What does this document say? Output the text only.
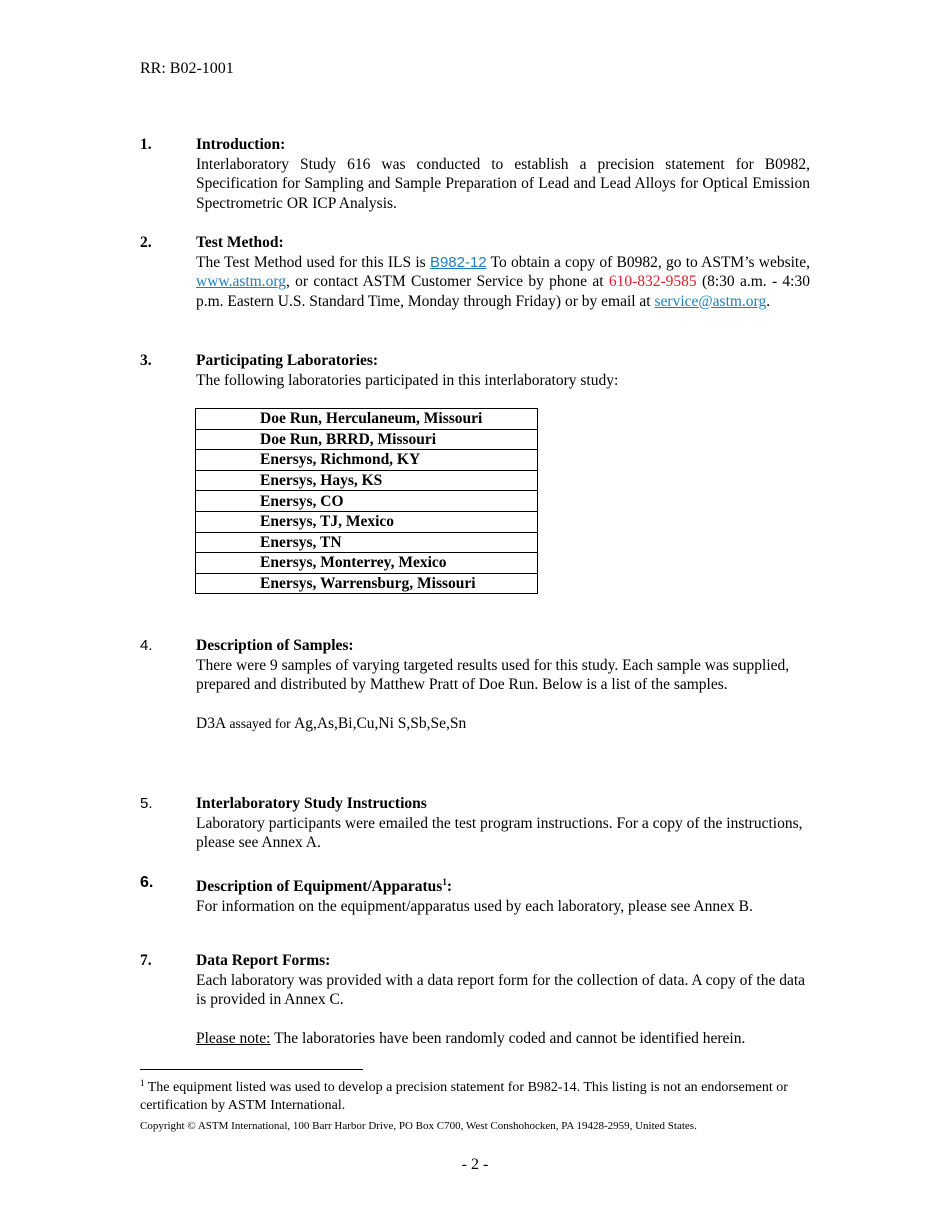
RR: B02-1001
1.	Introduction:
Interlaboratory Study 616 was conducted to establish a precision statement for B0982, Specification for Sampling and Sample Preparation of Lead and Lead Alloys for Optical Emission Spectrometric OR ICP Analysis.
2.	Test Method:
The Test Method used for this ILS is B982-12 To obtain a copy of B0982, go to ASTM’s website, www.astm.org, or contact ASTM Customer Service by phone at 610-832-9585 (8:30 a.m. - 4:30 p.m. Eastern U.S. Standard Time, Monday through Friday) or by email at service@astm.org.
3.	Participating Laboratories:
The following laboratories participated in this interlaboratory study:
Doe Run, Herculaneum, Missouri
Doe Run, BRRD, Missouri
Enersys, Richmond, KY
Enersys, Hays, KS
Enersys, CO
Enersys, TJ, Mexico
Enersys, TN
Enersys, Monterrey, Mexico
Enersys, Warrensburg, Missouri
4.	Description of Samples:
There were 9 samples of varying targeted results used for this study. Each sample was supplied, prepared and distributed by Matthew Pratt of Doe Run. Below is a list of the samples.
D3A assayed for Ag,As,Bi,Cu,Ni S,Sb,Se,Sn
5.	Interlaboratory Study Instructions
Laboratory participants were emailed the test program instructions. For a copy of the instructions, please see Annex A.
6.	Description of Equipment/Apparatus$^1$:
For information on the equipment/apparatus used by each laboratory, please see Annex B.
7.	Data Report Forms:
Each laboratory was provided with a data report form for the collection of data. A copy of the data is provided in Annex C.
Please note: The laboratories have been randomly coded and cannot be identified herein.
$^1$ The equipment listed was used to develop a precision statement for B982-14. This listing is not an endorsement or certification by ASTM International.
Copyright © ASTM International, 100 Barr Harbor Drive, PO Box C700, West Conshohocken, PA 19428-2959, United States.
- 2 -
